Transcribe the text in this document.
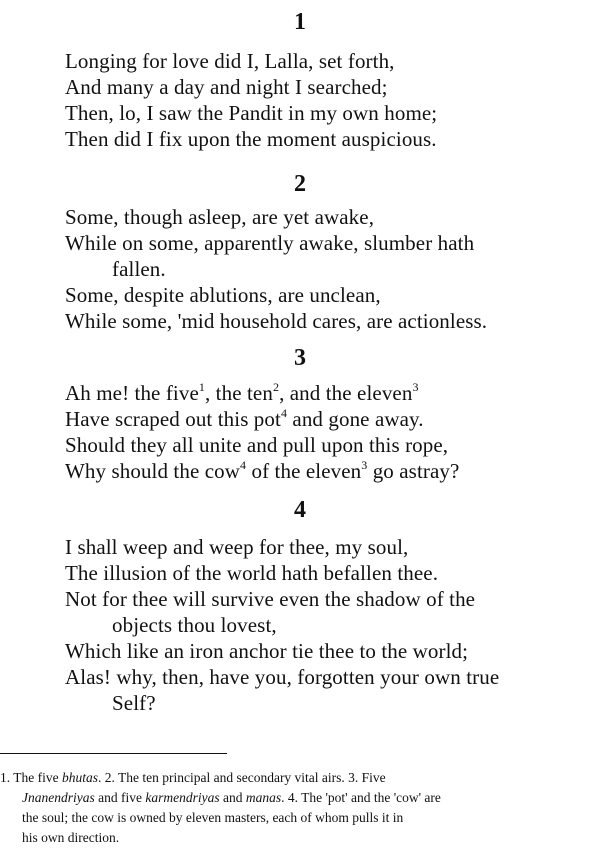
1
Longing for love did I, Lalla, set forth,
And many a day and night I searched;
Then, lo, I saw the Pandit in my own home;
Then did I fix upon the moment auspicious.
2
Some, though asleep, are yet awake,
While on some, apparently awake, slumber hath
fallen.
Some, despite ablutions, are unclean,
While some, 'mid household cares, are actionless.
3
Ah me! the five$^1$, the ten$^2$, and the eleven$^3$
Have scraped out this pot$^4$ and gone away.
Should they all unite and pull upon this rope,
Why should the cow$^4$ of the eleven$^3$ go astray?
4
I shall weep and weep for thee, my soul,
The illusion of the world hath befallen thee.
Not for thee will survive even the shadow of the
objects thou lovest,
Which like an iron anchor tie thee to the world;
Alas! why, then, have you, forgotten your own true
Self?
1. The five bhutas. 2. The ten principal and secondary vital airs. 3. Five
Jnanendriyas and five karmendriyas and manas. 4. The 'pot' and the 'cow' are
the soul; the cow is owned by eleven masters, each of whom pulls it in
his own direction.
